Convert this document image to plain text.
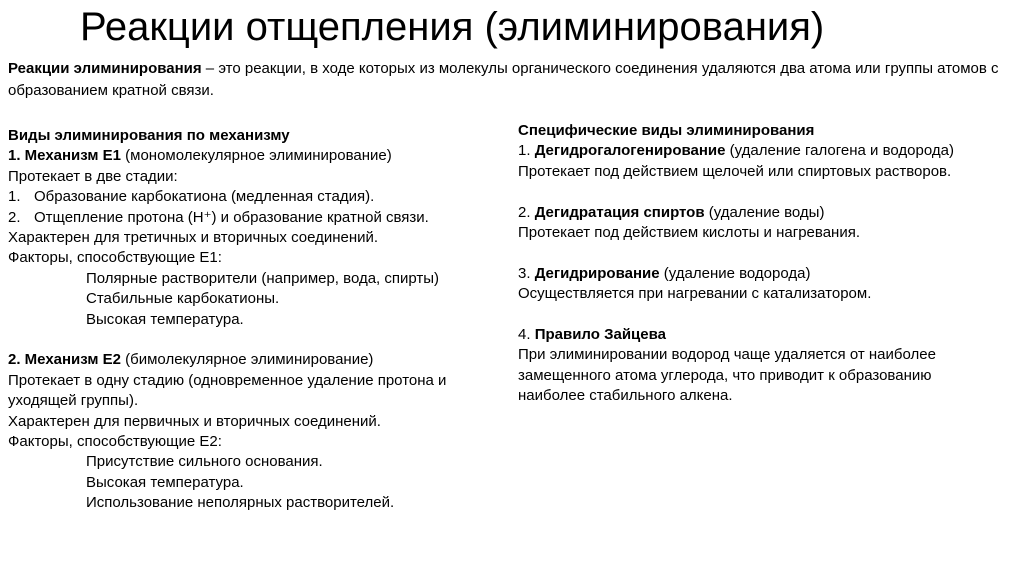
Реакции отщепления (элиминирования)
Реакции элиминирования – это реакции, в ходе которых из молекулы органического соединения удаляются два атома или группы атомов с образованием кратной связи.

Виды элиминирования по механизму

1. Механизм Е1 (мономолекулярное элиминирование)

Протекает в две стадии:

1. Образование карбокатиона (медленная стадия).

2. Отщепление протона (Н⁺) и образование кратной связи.

Характерен для третичных и вторичных соединений.

Факторы, способствующие Е1:

Полярные растворители (например, вода, спирты)

Стабильные карбокатионы.

Высокая температура.

2. Механизм Е2 (бимолекулярное элиминирование)

Протекает в одну стадию (одновременное удаление протона и уходящей группы).

Характерен для первичных и вторичных соединений.

Факторы, способствующие Е2:

Присутствие сильного основания.

Высокая температура.

Использование неполярных растворителей.

Специфические виды элиминирования

1. Дегидрогалогенирование (удаление галогена и водорода)

Протекает под действием щелочей или спиртовых растворов.

2. Дегидратация спиртов (удаление воды)

Протекает под действием кислоты и нагревания.

3. Дегидрирование (удаление водорода)

Осуществляется при нагревании с катализатором.

4. Правило Зайцева

При элиминировании водород чаще удаляется от наиболее

замещенного атома углерода, что приводит к образованию

наиболее стабильного алкена.
